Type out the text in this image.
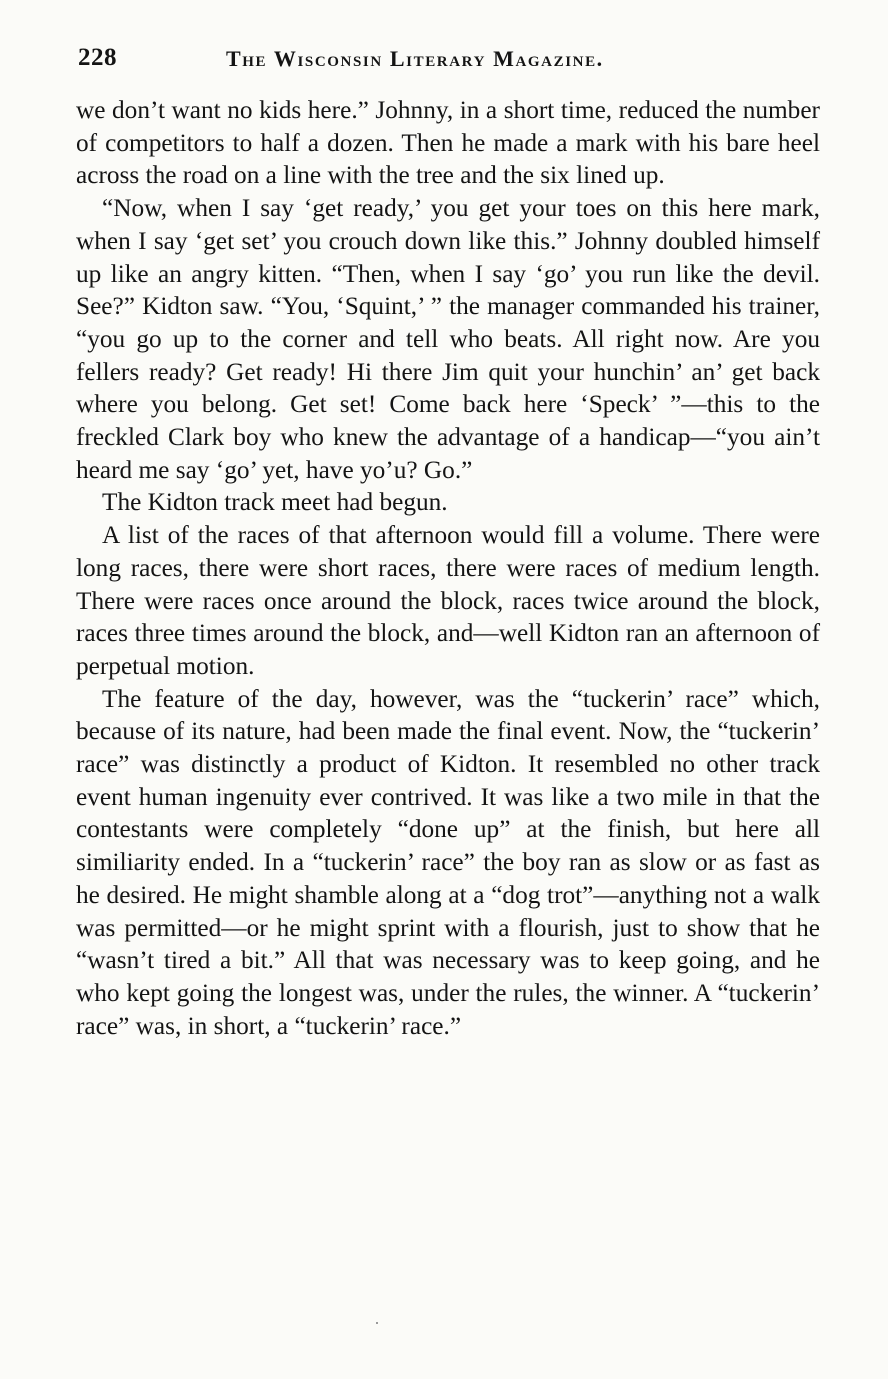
228	The Wisconsin Literary Magazine.

we don’t want no kids here.” Johnny, in a short time, reduced the number of competitors to half a dozen. Then he made a mark with his bare heel across the road on a line with the tree and the six lined up.

“Now, when I say ‘get ready,’ you get your toes on this here mark, when I say ‘get set’ you crouch down like this.” Johnny doubled himself up like an angry kitten. “Then, when I say ‘go’ you run like the devil. See?” Kidton saw. “You, ‘Squint,’ ” the manager commanded his trainer, “you go up to the corner and tell who beats. All right now. Are you fellers ready? Get ready! Hi there Jim quit your hunchin’ an’ get back where you belong. Get set! Come back here ‘Speck’ ”—this to the freckled Clark boy who knew the advantage of a handicap—“you ain’t heard me say ‘go’ yet, have yo’u? Go.”

The Kidton track meet had begun.

A list of the races of that afternoon would fill a volume. There were long races, there were short races, there were races of medium length. There were races once around the block, races twice around the block, races three times around the block, and—well Kidton ran an afternoon of perpetual motion.

The feature of the day, however, was the “tuckerin’ race” which, because of its nature, had been made the final event. Now, the “tuckerin’ race” was distinctly a product of Kidton. It resembled no other track event human ingenuity ever contrived. It was like a two mile in that the contestants were completely “done up” at the finish, but here all similiarity ended. In a “tuckerin’ race” the boy ran as slow or as fast as he desired. He might shamble along at a “dog trot”—anything not a walk was permitted—or he might sprint with a flourish, just to show that he “wasn’t tired a bit.” All that was necessary was to keep going, and he who kept going the longest was, under the rules, the winner. A “tuckerin’ race” was, in short, a “tuckerin’ race.”
